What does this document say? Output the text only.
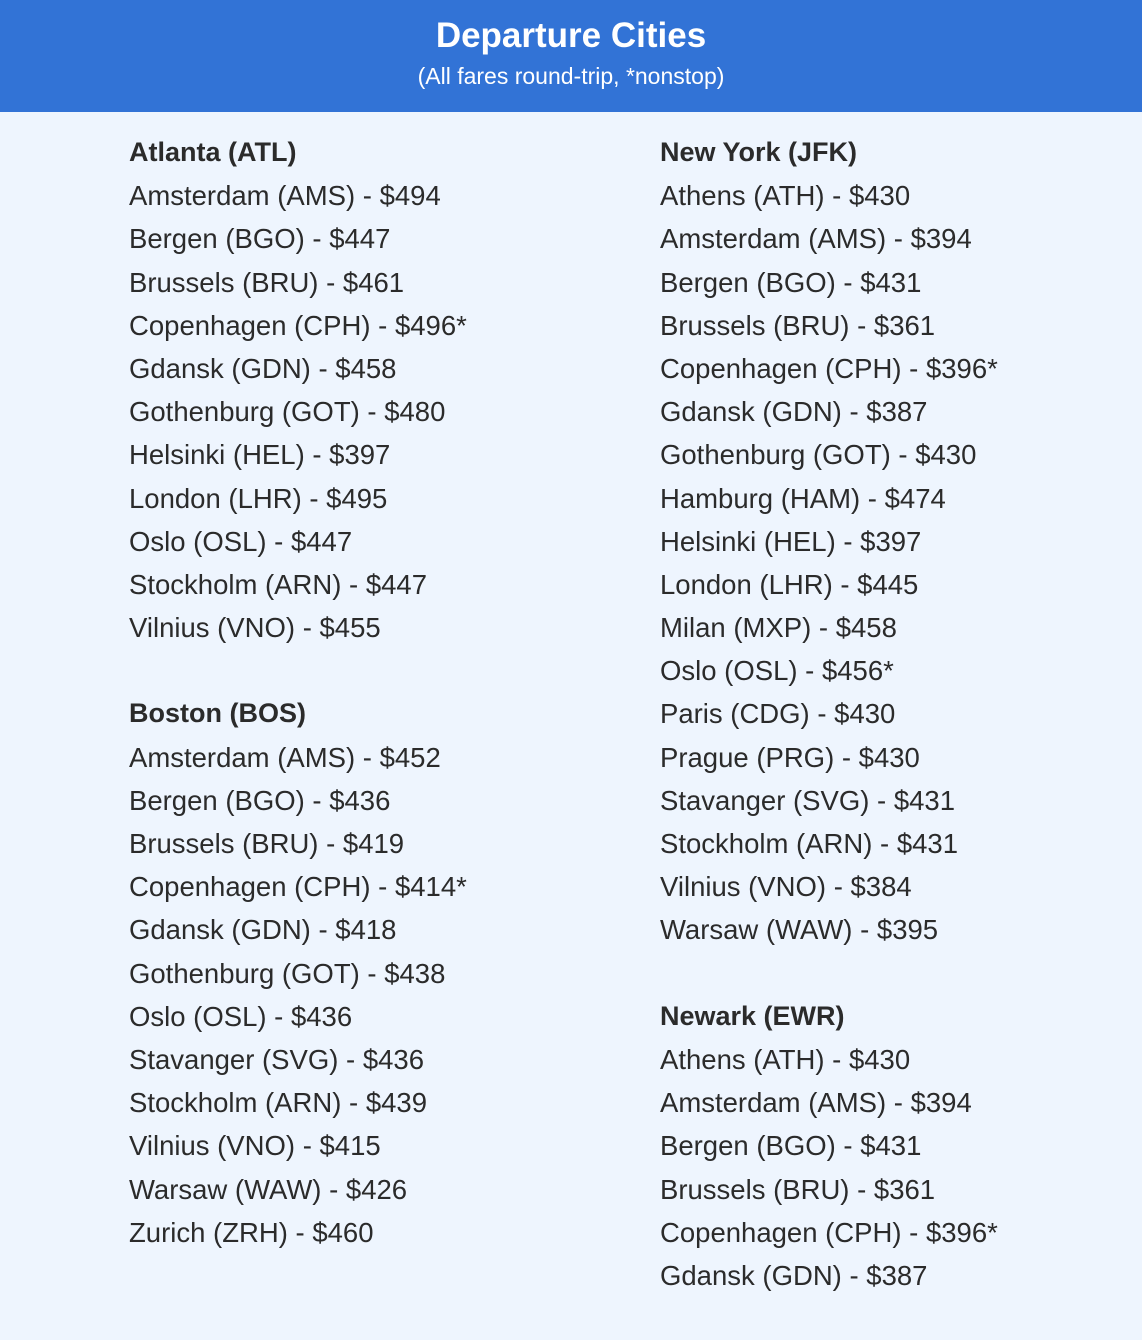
Departure Cities
(All fares round-trip, *nonstop)
Atlanta (ATL)
Amsterdam (AMS) - $494
Bergen (BGO) - $447
Brussels (BRU) - $461
Copenhagen (CPH) - $496*
Gdansk (GDN) - $458
Gothenburg (GOT) - $480
Helsinki (HEL) - $397
London (LHR) - $495
Oslo (OSL) - $447
Stockholm (ARN) - $447
Vilnius (VNO) - $455
Boston (BOS)
Amsterdam (AMS) - $452
Bergen (BGO) - $436
Brussels (BRU) - $419
Copenhagen (CPH) - $414*
Gdansk (GDN) - $418
Gothenburg (GOT) - $438
Oslo (OSL) - $436
Stavanger (SVG) - $436
Stockholm (ARN) - $439
Vilnius (VNO) - $415
Warsaw (WAW) - $426
Zurich (ZRH) - $460
New York (JFK)
Athens (ATH) - $430
Amsterdam (AMS) - $394
Bergen (BGO) - $431
Brussels (BRU) - $361
Copenhagen (CPH) - $396*
Gdansk (GDN) - $387
Gothenburg (GOT) - $430
Hamburg (HAM) - $474
Helsinki (HEL) - $397
London (LHR) - $445
Milan (MXP) - $458
Oslo (OSL) - $456*
Paris (CDG) - $430
Prague (PRG) - $430
Stavanger (SVG) - $431
Stockholm (ARN) - $431
Vilnius (VNO) - $384
Warsaw (WAW) - $395
Newark (EWR)
Athens (ATH) - $430
Amsterdam (AMS) - $394
Bergen (BGO) - $431
Brussels (BRU) - $361
Copenhagen (CPH) - $396*
Gdansk (GDN) - $387
